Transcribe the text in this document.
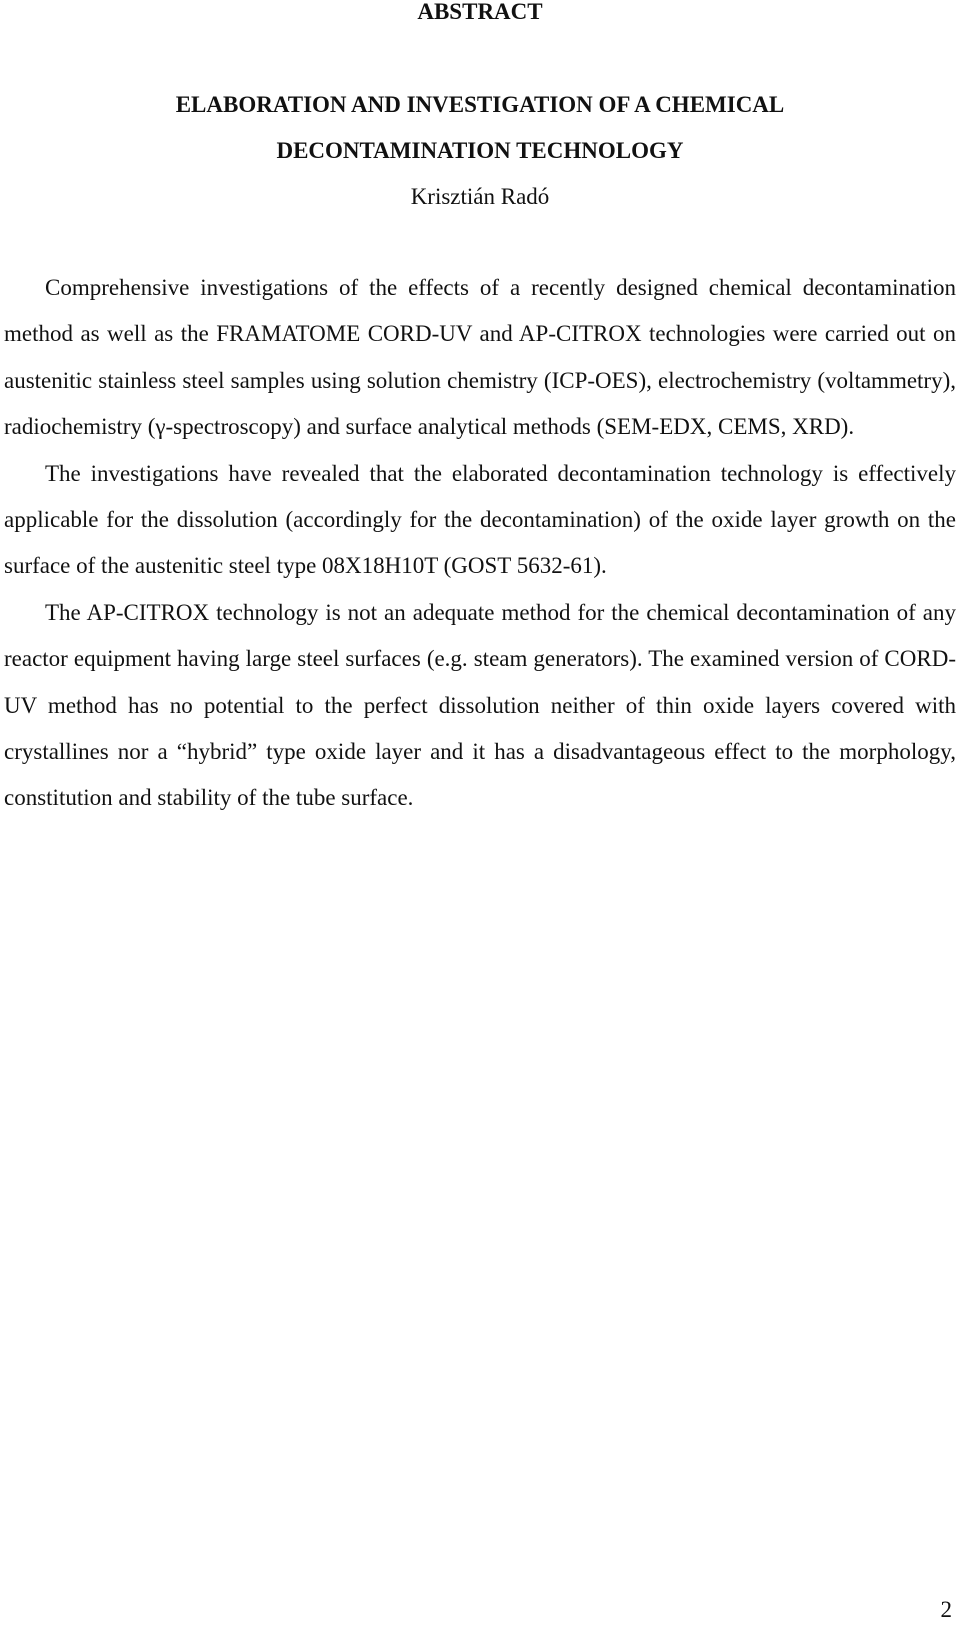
ABSTRACT
ELABORATION AND INVESTIGATION OF A CHEMICAL
DECONTAMINATION TECHNOLOGY
Krisztián Radó

Comprehensive investigations of the effects of a recently designed chemical decontamination method as well as the FRAMATOME CORD-UV and AP-CITROX technologies were carried out on austenitic stainless steel samples using solution chemistry (ICP-OES), electrochemistry (voltammetry), radiochemistry (γ-spectroscopy) and surface analytical methods (SEM-EDX, CEMS, XRD).

The investigations have revealed that the elaborated decontamination technology is effectively applicable for the dissolution (accordingly for the decontamination) of the oxide layer growth on the surface of the austenitic steel type 08X18H10T (GOST 5632-61).

The AP-CITROX technology is not an adequate method for the chemical decontamination of any reactor equipment having large steel surfaces (e.g. steam generators). The examined version of CORD-UV method has no potential to the perfect dissolution neither of thin oxide layers covered with crystallines nor a “hybrid” type oxide layer and it has a disadvantageous effect to the morphology, constitution and stability of the tube surface.

2
